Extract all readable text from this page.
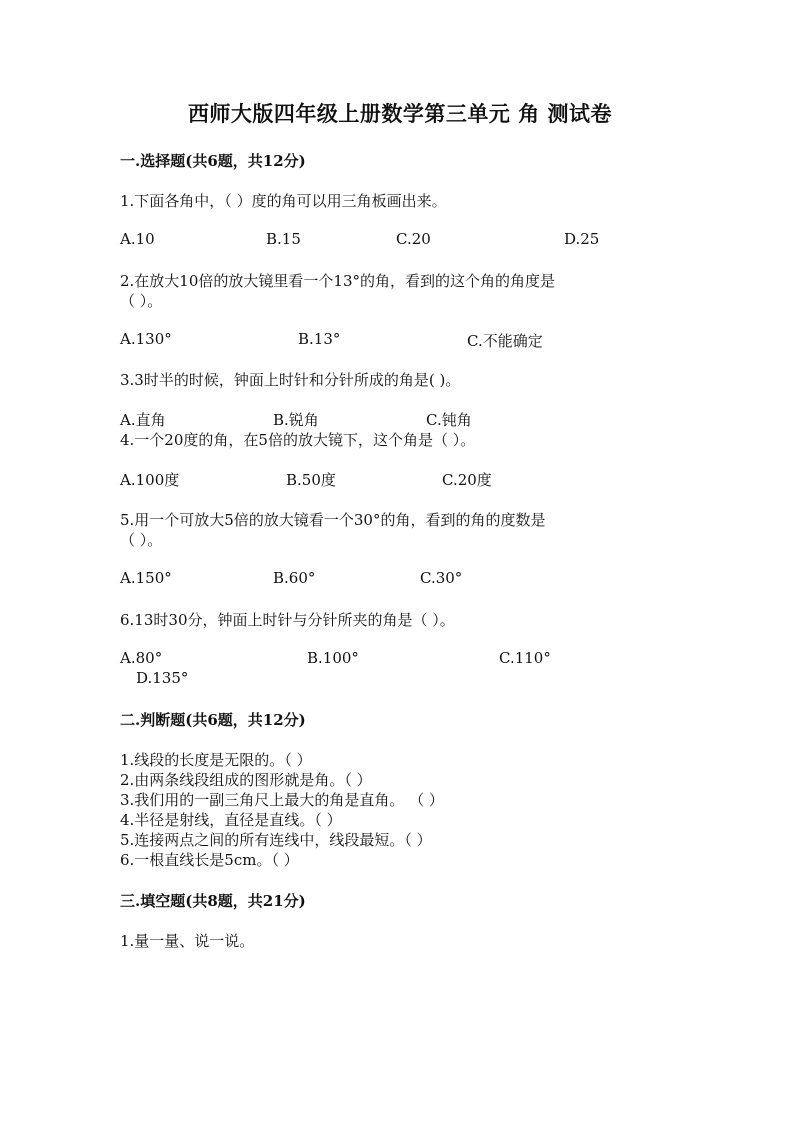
西师大版四年级上册数学第三单元 角 测试卷
一.选择题(共6题，共12分)
1.下面各角中，（ ）度的角可以用三角板画出来。
A.10	B.15	C.20	D.25
2.在放大10倍的放大镜里看一个13°的角，看到的这个角的角度是
（ ）。
A.130°	B.13°	C.不能确定
3.3时半的时候，钟面上时针和分针所成的角是( )。
A.直角	B.锐角	C.钝角
4.一个20度的角，在5倍的放大镜下，这个角是（ ）。
A.100度	B.50度	C.20度
5.用一个可放大5倍的放大镜看一个30°的角，看到的角的度数是
（ ）。
A.150°	B.60°	C.30°
6.13时30分，钟面上时针与分针所夹的角是（ ）。
A.80°	B.100°	C.110°
D.135°
二.判断题(共6题，共12分)
1.线段的长度是无限的。（ ）
2.由两条线段组成的图形就是角。（ ）
3.我们用的一副三角尺上最大的角是直角。 （ ）
4.半径是射线，直径是直线。（ ）
5.连接两点之间的所有连线中，线段最短。（ ）
6.一根直线长是5cm。（ ）
三.填空题(共8题，共21分)
1.量一量、说一说。
